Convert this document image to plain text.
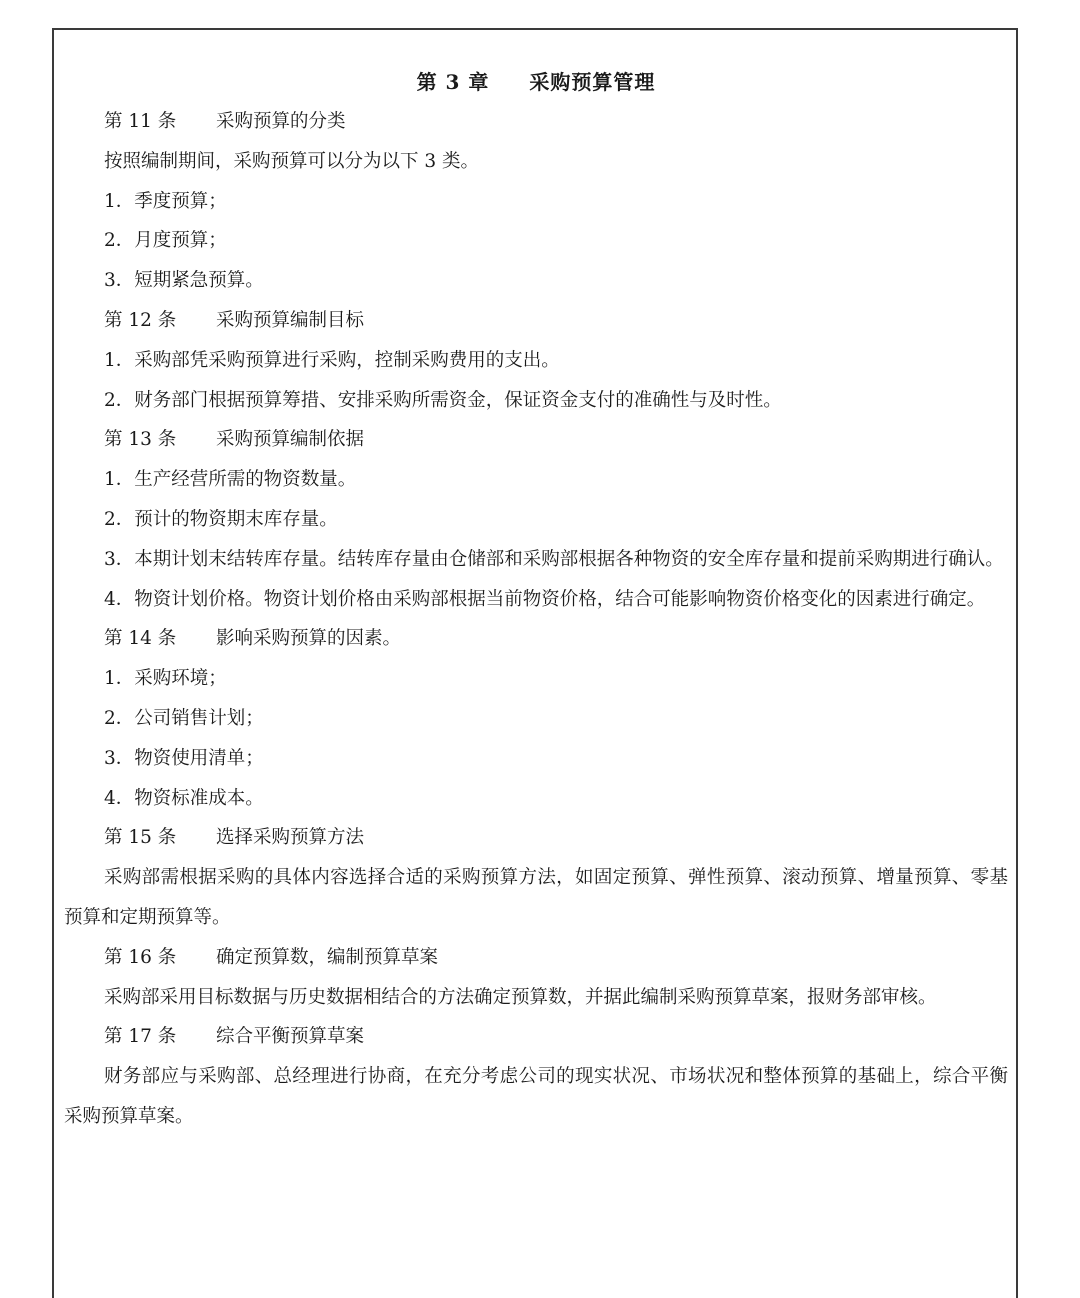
第 3 章 采购预算管理
第 11 条 采购预算的分类
按照编制期间，采购预算可以分为以下 3 类。
1．季度预算；
2．月度预算；
3．短期紧急预算。
第 12 条 采购预算编制目标
1．采购部凭采购预算进行采购，控制采购费用的支出。
2．财务部门根据预算筹措、安排采购所需资金，保证资金支付的准确性与及时性。
第 13 条 采购预算编制依据
1．生产经营所需的物资数量。
2．预计的物资期末库存量。
3．本期计划末结转库存量。结转库存量由仓储部和采购部根据各种物资的安全库存量和提前采购期进行确认。
4．物资计划价格。物资计划价格由采购部根据当前物资价格，结合可能影响物资价格变化的因素进行确定。
第 14 条 影响采购预算的因素。
1．采购环境；
2．公司销售计划；
3．物资使用清单；
4．物资标准成本。
第 15 条 选择采购预算方法
采购部需根据采购的具体内容选择合适的采购预算方法，如固定预算、弹性预算、滚动预算、增量预算、零基预算和定期预算等。
第 16 条 确定预算数，编制预算草案
采购部采用目标数据与历史数据相结合的方法确定预算数，并据此编制采购预算草案，报财务部审核。
第 17 条 综合平衡预算草案
财务部应与采购部、总经理进行协商，在充分考虑公司的现实状况、市场状况和整体预算的基础上，综合平衡采购预算草案。
